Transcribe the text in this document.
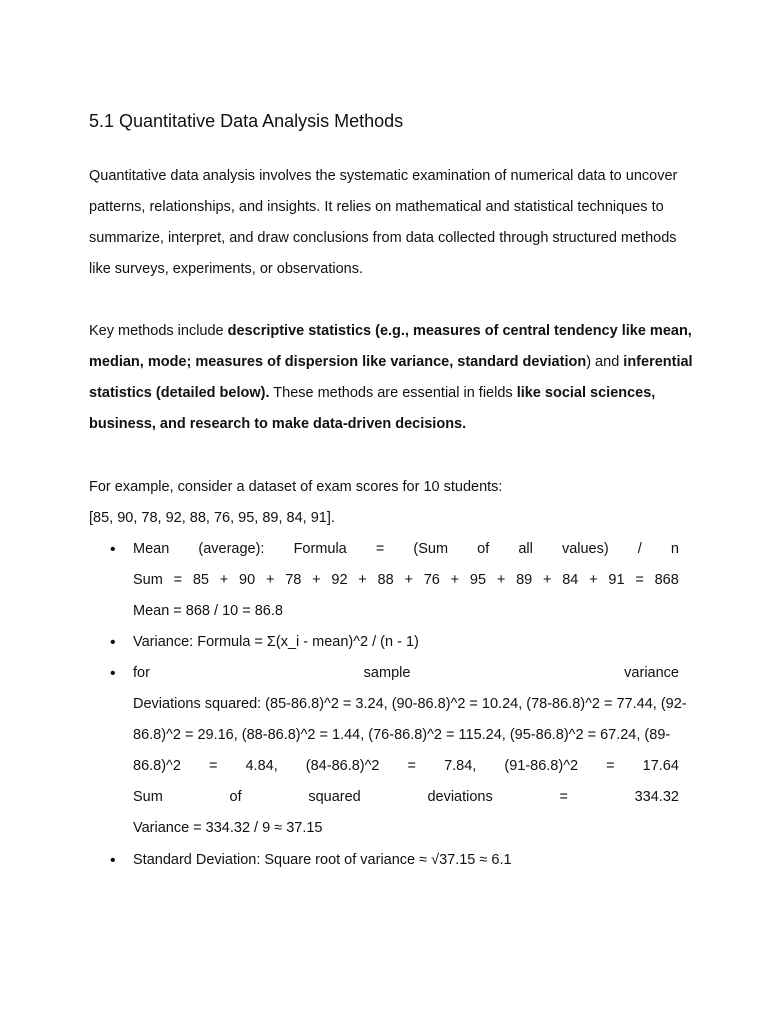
5.1 Quantitative Data Analysis Methods
Quantitative data analysis involves the systematic examination of numerical data to uncover
patterns, relationships, and insights. It relies on mathematical and statistical techniques to
summarize, interpret, and draw conclusions from data collected through structured methods
like surveys, experiments, or observations.
Key methods include descriptive statistics (e.g., measures of central tendency like mean,
median, mode; measures of dispersion like variance, standard deviation) and inferential
statistics (detailed below). These methods are essential in fields like social sciences,
business, and research to make data-driven decisions.
For example, consider a dataset of exam scores for 10 students:
[85, 90, 78, 92, 88, 76, 95, 89, 84, 91].
• Mean (average): Formula = (Sum of all values) / n
Sum = 85 + 90 + 78 + 92 + 88 + 76 + 95 + 89 + 84 + 91 = 868
Mean = 868 / 10 = 86.8
• Variance: Formula = Σ(x_i - mean)^2 / (n - 1)
• for	sample	variance
Deviations squared: (85-86.8)^2 = 3.24, (90-86.8)^2 = 10.24, (78-86.8)^2 = 77.44, (92-
86.8)^2 = 29.16, (88-86.8)^2 = 1.44, (76-86.8)^2 = 115.24, (95-86.8)^2 = 67.24, (89-
86.8)^2 = 4.84, (84-86.8)^2 = 7.84, (91-86.8)^2 = 17.64
Sum	of	squared	deviations	=	334.32
Variance = 334.32 / 9 ≈ 37.15
• Standard Deviation: Square root of variance ≈ √37.15 ≈ 6.1
